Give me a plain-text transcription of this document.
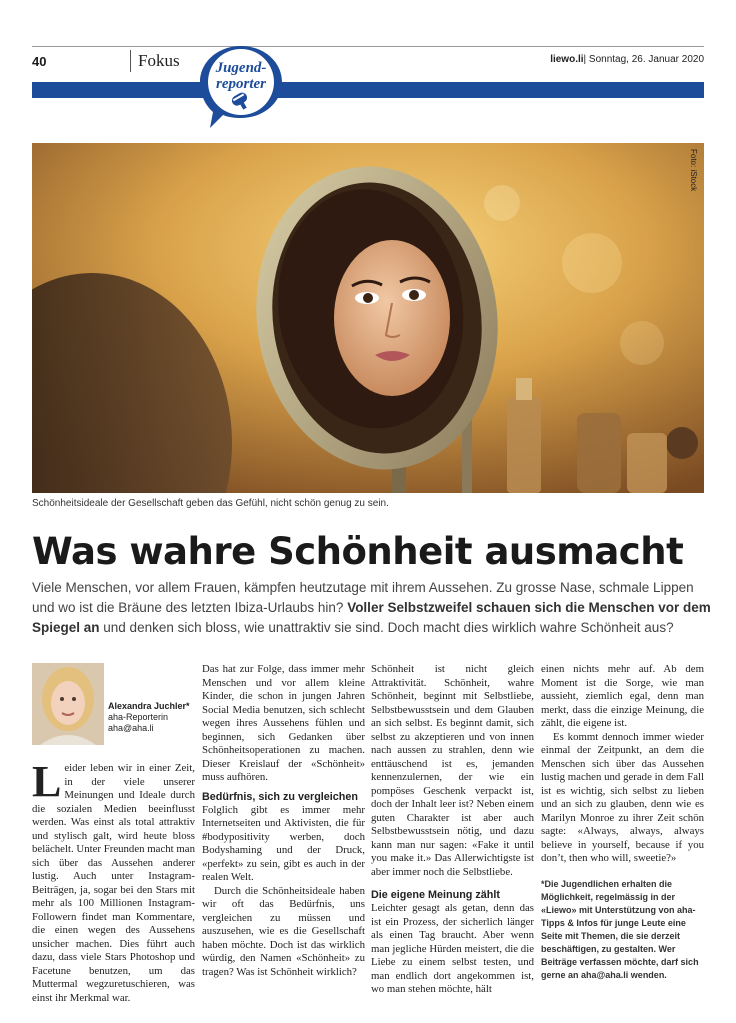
40	Fokus	liewo.li| Sonntag, 26. Januar 2020
Jugend-
reporter
Foto: iStock
Schönheitsideale der Gesellschaft geben das Gefühl, nicht schön genug zu sein.
Was wahre Schönheit ausmacht
Viele Menschen, vor allem Frauen, kämpfen heutzutage mit ihrem Aussehen. Zu grosse Nase, schmale Lippen und wo ist die Bräune des letzten Ibiza-Urlaubs hin? Voller Selbstzweifel schauen sich die Menschen vor dem Spiegel an und denken sich bloss, wie unattraktiv sie sind. Doch macht dies wirklich wahre Schönheit aus?
Alexandra Juchler*
aha-Reporterin
aha@aha.li
Leider leben wir in einer Zeit, in der viele unserer Meinungen und Ideale durch die sozialen Medien beeinflusst werden. Was einst als total attraktiv und stylisch galt, wird heute bloss belächelt. Unter Freunden macht man sich über das Aussehen anderer lustig. Auch unter Instagram-Beiträgen, ja, sogar bei den Stars mit mehr als 100 Millionen Instagram-Followern findet man Kommentare, die einen wegen des Aussehens unsicher machen. Dies führt auch dazu, dass viele Stars Photoshop und Facetune benutzen, um das Muttermal wegzuretuschieren, was einst ihr Merkmal war.

Das hat zur Folge, dass immer mehr Menschen und vor allem kleine Kinder, die schon in jungen Jahren Social Media benutzen, sich schlecht wegen ihres Aussehens fühlen und beginnen, sich Gedanken über Schönheitsoperationen zu machen. Dieser Kreislauf der «Schönheit» muss aufhören.

Bedürfnis, sich zu vergleichen

Folglich gibt es immer mehr Internetseiten und Aktivisten, die für #bodypositivity werben, doch Bodyshaming und der Druck, «perfekt» zu sein, gibt es auch in der realen Welt.

Durch die Schönheitsideale haben wir oft das Bedürfnis, uns vergleichen zu müssen und auszusehen, wie es die Gesellschaft haben möchte. Doch ist das wirklich würdig, den Namen «Schönheit» zu tragen? Was ist Schönheit wirklich?

Schönheit ist nicht gleich Attraktivität. Schönheit, wahre Schönheit, beginnt mit Selbstliebe, Selbstbewusstsein und dem Glauben an sich selbst. Es beginnt damit, sich selbst zu akzeptieren und von innen nach aussen zu strahlen, denn wie enttäuschend ist es, jemanden kennenzulernen, der wie ein pompöses Geschenk verpackt ist, doch der Inhalt leer ist? Neben einem guten Charakter ist aber auch Selbstbewusstsein nötig, und dazu kann man nur sagen: «Fake it until you make it.» Das Allerwichtigste ist aber immer noch die Selbstliebe.

Die eigene Meinung zählt

Leichter gesagt als getan, denn das ist ein Prozess, der sicherlich länger als einen Tag braucht. Aber wenn man jegliche Hürden meistert, die die Liebe zu einem selbst testen, und man endlich dort angekommen ist, wo man stehen möchte, hält

einen nichts mehr auf. Ab dem Moment ist die Sorge, wie man aussieht, ziemlich egal, denn man merkt, dass die einzige Meinung, die zählt, die eigene ist.

Es kommt dennoch immer wieder einmal der Zeitpunkt, an dem die Menschen sich über das Aussehen lustig machen und gerade in dem Fall ist es wichtig, sich selbst zu lieben und an sich zu glauben, denn wie es Marilyn Monroe zu ihrer Zeit schön sagte: «Always, always, always believe in yourself, because if you don’t, then who will, sweetie?»

*Die Jugendlichen erhalten die Möglichkeit, regelmässig in der «Liewo» mit Unterstützung von aha-Tipps & Infos für junge Leute eine Seite mit Themen, die sie derzeit beschäftigen, zu gestalten. Wer Beiträge verfassen möchte, darf sich gerne an aha@aha.li wenden.
